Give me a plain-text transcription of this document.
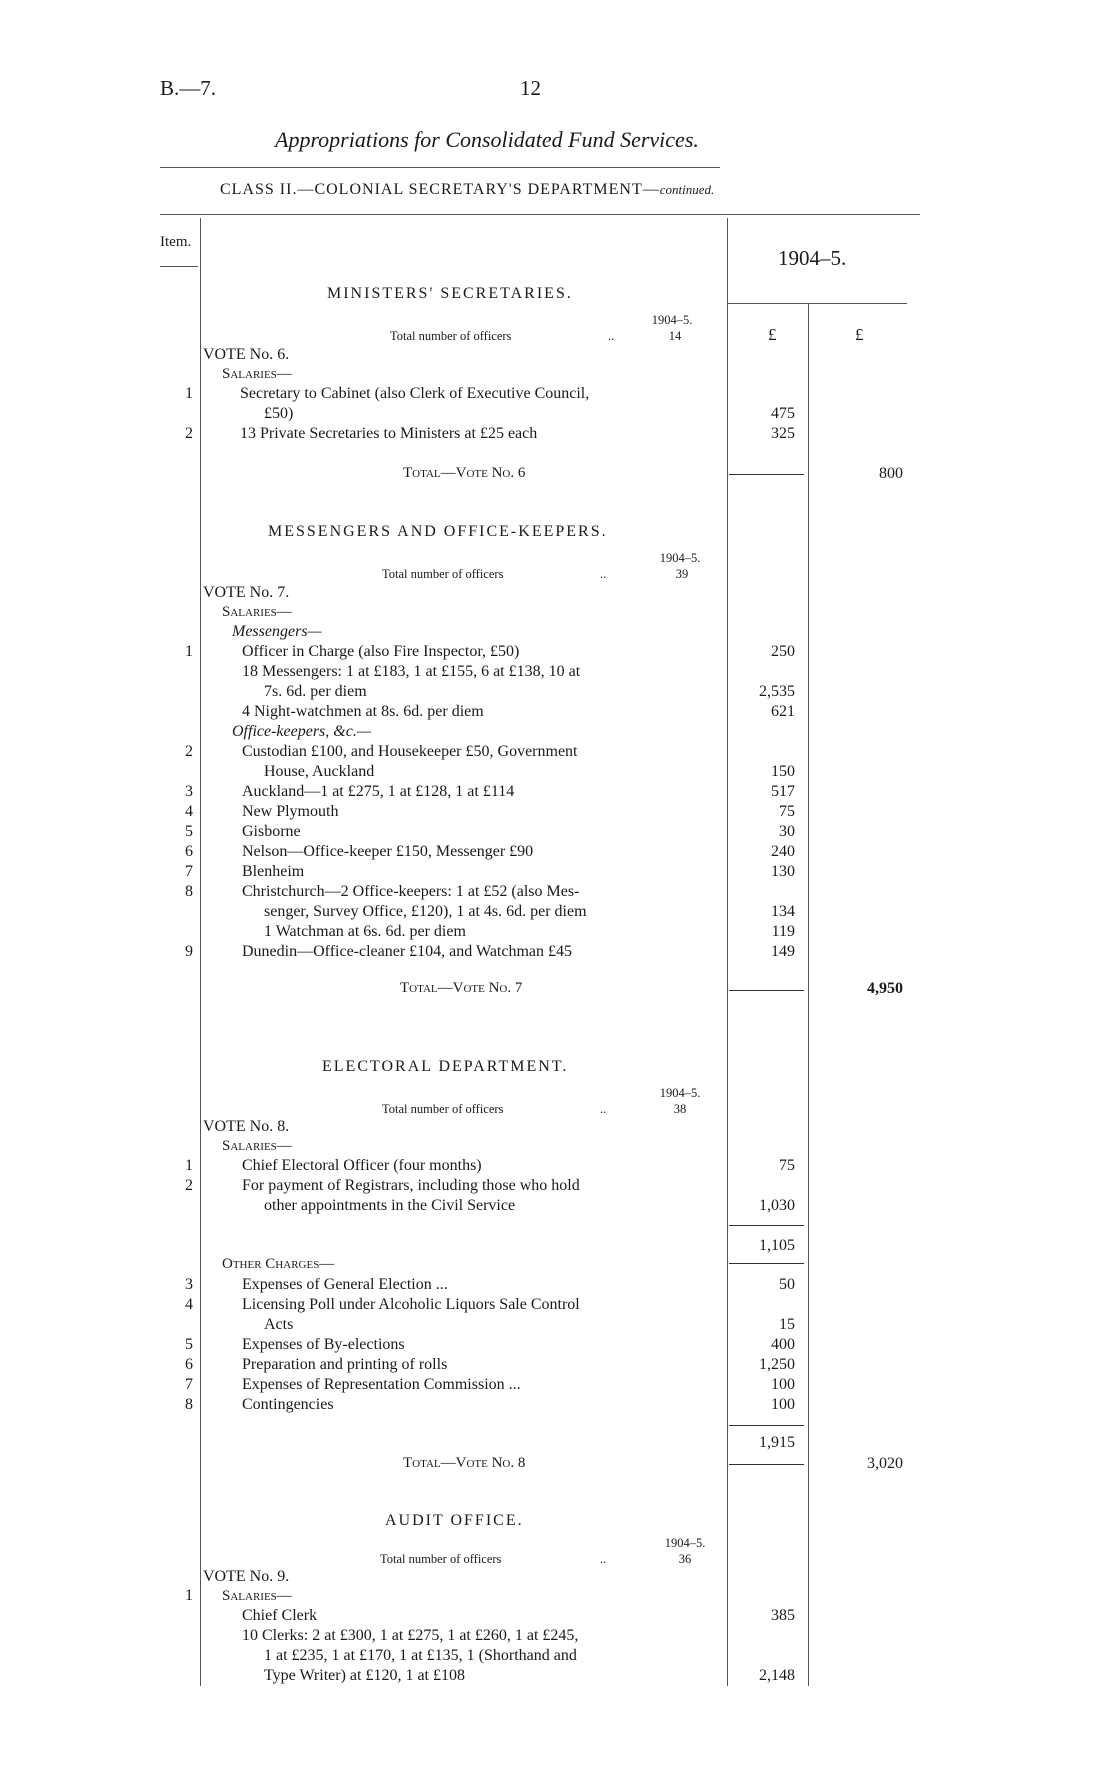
B.—7.	12
Appropriations for Consolidated Fund Services.
CLASS II.—COLONIAL SECRETARY'S DEPARTMENT—continued.
Item.
1904–5.
£	£
MINISTERS' SECRETARIES.
1904–5.
Total number of officers	..	14
VOTE No. 6.
Salaries—
1	Secretary to Cabinet (also Clerk of Executive Council,
£50)	475
2	13 Private Secretaries to Ministers at £25 each	325
Total—Vote No. 6	800
MESSENGERS AND OFFICE-KEEPERS.
1904–5.
Total number of officers	..	39
VOTE No. 7.
Salaries—
Messengers—
1	Officer in Charge (also Fire Inspector, £50)	250
18 Messengers: 1 at £183, 1 at £155, 6 at £138, 10 at
7s. 6d. per diem	2,535
4 Night-watchmen at 8s. 6d. per diem	621
Office-keepers, &c.—
2	Custodian £100, and Housekeeper £50, Government
House, Auckland	150
3	Auckland—1 at £275, 1 at £128, 1 at £114	517
4	New Plymouth	75
5	Gisborne	30
6	Nelson—Office-keeper £150, Messenger £90	240
7	Blenheim	130
8	Christchurch—2 Office-keepers: 1 at £52 (also Mes-
senger, Survey Office, £120), 1 at 4s. 6d. per diem	134
1 Watchman at 6s. 6d. per diem	119
9	Dunedin—Office-cleaner £104, and Watchman £45	149
Total—Vote No. 7	4,950
ELECTORAL DEPARTMENT.
1904–5.
Total number of officers	..	38
VOTE No. 8.
Salaries—
1	Chief Electoral Officer (four months)	75
2	For payment of Registrars, including those who hold
other appointments in the Civil Service	1,030
1,105
Other Charges—
3	Expenses of General Election ...	50
4	Licensing Poll under Alcoholic Liquors Sale Control
Acts	15
5	Expenses of By-elections	400
6	Preparation and printing of rolls	1,250
7	Expenses of Representation Commission ...	100
8	Contingencies	100
1,915
Total—Vote No. 8	3,020
AUDIT OFFICE.
1904–5.
Total number of officers	..	36
VOTE No. 9.
Salaries—
1
Chief Clerk	385
10 Clerks: 2 at £300, 1 at £275, 1 at £260, 1 at £245,
1 at £235, 1 at £170, 1 at £135, 1 (Shorthand and
Type Writer) at £120, 1 at £108	2,148
